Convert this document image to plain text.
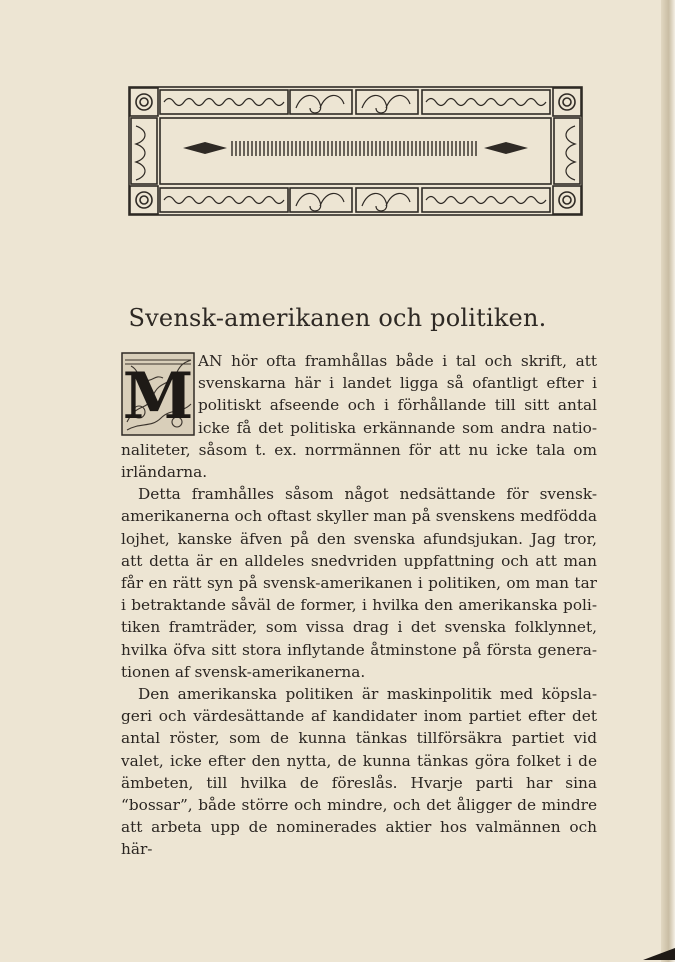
Svensk-amerikanen och politiken.

M AN hör ofta framhållas både i tal och skrift, att svenskarna här i landet ligga så ofantligt efter i politiskt afseende och i förhållande till sitt antal icke få det politiska erkännande som andra nationaliteter, såsom t. ex. norrmännen för att nu icke tala om irländarna.

Detta framhålles såsom något nedsättande för svensk-amerikanerna och oftast skyller man på svenskens medfödda lojhet, kanske äfven på den svenska afundsjukan. Jag tror, att detta är en alldeles snedvriden uppfattning och att man får en rätt syn på svensk-amerikanen i politiken, om man tar i betraktande såväl de former, i hvilka den amerikanska politiken framträder, som vissa drag i det svenska folklynnet, hvilka öfva sitt stora inflytande åtminstone på första generationen af svensk-amerikanerna.

Den amerikanska politiken är maskinpolitik med köpslageri och värdesättande af kandidater inom partiet efter det antal röster, som de kunna tänkas tillförsäkra partiet vid valet, icke efter den nytta, de kunna tänkas göra folket i de ämbeten, till hvilka de föreslås. Hvarje parti har sina “bossar”, både större och mindre, och det åligger de mindre att arbeta upp de nominerades aktier hos valmännen och här-
